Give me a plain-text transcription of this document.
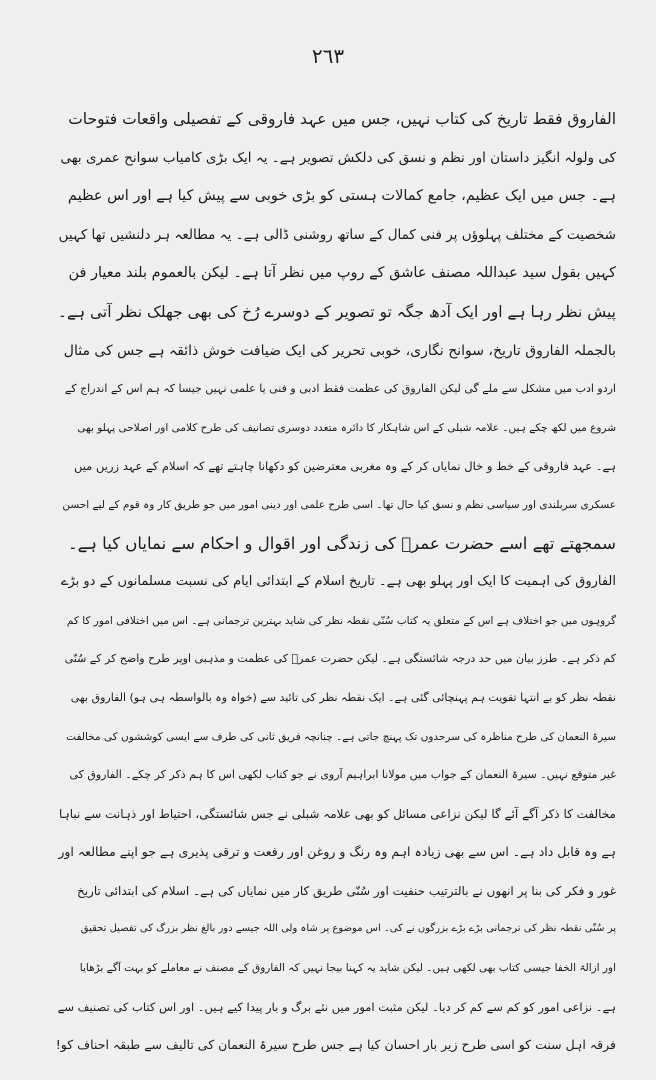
٢٦٣
الفاروق فقط تاریخ کی کتاب نہیں، جس میں عہد فاروقی کے تفصیلی واقعات فتوحات
کی ولولہ انگیز داستان اور نظم و نسق کی دلکش تصویر ہے۔ یہ ایک بڑی کامیاب سوانح عمری بھی
ہے۔ جس میں ایک عظیم، جامع کمالات ہستی کو بڑی خوبی سے پیش کیا ہے اور اس عظیم
شخصیت کے مختلف پہلوؤں پر فنی کمال کے ساتھ روشنی ڈالی ہے۔ یہ مطالعہ ہر دلنشیں تھا کہیں
کہیں بقول سید عبداللہ مصنف عاشق کے روپ میں نظر آتا ہے۔ لیکن بالعموم بلند معیار فن
پیش نظر رہا ہے اور ایک آدھ جگہ تو تصویر کے دوسرے رُخ کی بھی جھلک نظر آتی ہے۔
بالجملہ الفاروق تاریخ، سوانح نگاری، خوبی تحریر کی ایک ضیافت خوش ذائقہ ہے جس کی مثال
اردو ادب میں مشکل سے ملے گی لیکن الفاروق کی عظمت فقط ادبی و فنی یا علمی نہیں جیسا کہ ہم اس کے اندراج کے
شروع میں لکھ چکے ہیں۔ علامہ شبلی کے اس شاہکار کا دائرہ متعدد دوسری تصانیف کی طرح کلامی اور اصلاحی پہلو بھی
ہے۔ عہد فاروقی کے خط و خال نمایاں کر کے وہ مغربی معترضین کو دکھانا چاہتے تھے کہ اسلام کے عہد زریں میں
عسکری سربلندی اور سیاسی نظم و نسق کیا حال تھا۔ اسی طرح علمی اور دینی امور میں جو طریق کار وہ قوم کے لیے احسن
سمجھتے تھے اسے حضرت عمرؓ کی زندگی اور اقوال و احکام سے نمایاں کیا ہے۔
الفاروق کی اہمیت کا ایک اور پہلو بھی ہے۔ تاریخ اسلام کے ابتدائی ایام کی نسبت مسلمانوں کے دو بڑے
گروہوں میں جو اختلاف ہے اس کے متعلق یہ کتاب سُنّی نقطہ نظر کی شاید بہترین ترجمانی ہے۔ اس میں اختلافی امور کا کم
کم ذکر ہے۔ طرز بیان میں حد درجہ شائستگی ہے۔ لیکن حضرت عمرؓ کی عظمت و مذہبی اوپر طرح واضح کر کے سُنّی
نقطہ نظر کو بے انتہا تقویت ہم پہنچائی گئی ہے۔ ایک نقطہ نظر کی تائید سے (خواہ وہ بالواسطہ ہی ہو) الفاروق بھی
سیرۃ النعمان کی طرح مناظرہ کی سرحدوں تک پہنچ جاتی ہے۔ چنانچہ فریق ثانی کی طرف سے ایسی کوششوں کی مخالفت
غیر متوقع نہیں۔ سیرۃ النعمان کے جواب میں مولانا ابراہیم آروی نے جو کتاب لکھی اس کا ہم ذکر کر چکے۔ الفاروق کی
مخالفت کا ذکر آگے آئے گا لیکن نزاعی مسائل کو بھی علامہ شبلی نے جس شائستگی، احتیاط اور ذہانت سے نباہا
ہے وہ قابل داد ہے۔ اس سے بھی زیادہ اہم وہ رنگ و روغن اور رفعت و ترقی پذیری ہے جو اپنے مطالعہ اور
غور و فکر کی بنا پر انھوں نے بالترتیب حنفیت اور سُنّی طریق کار میں نمایاں کی ہے۔ اسلام کی ابتدائی تاریخ
پر سُنّی نقطہ نظر کی ترجمانی بڑے بڑے بزرگوں نے کی۔ اس موضوع پر شاہ ولی اللہ جیسے دور بالغ نظر بزرگ کی تفصیل تحقیق
اور ازالۃ الخفا جیسی کتاب بھی لکھی ہیں۔ لیکن شاید یہ کہنا بیجا نہیں کہ الفاروق کے مصنف نے معاملے کو بہت آگے بڑھایا
ہے۔ نزاعی امور کو کم سے کم کر دیا۔ لیکن مثبت امور میں نئے برگ و بار پیدا کیے ہیں۔ اور اس کتاب کی تصنیف سے
فرقہ اہل سنت کو اسی طرح زیر بار احسان کیا ہے جس طرح سیرۃ النعمان کی تالیف سے طبقہ احناف کو!
